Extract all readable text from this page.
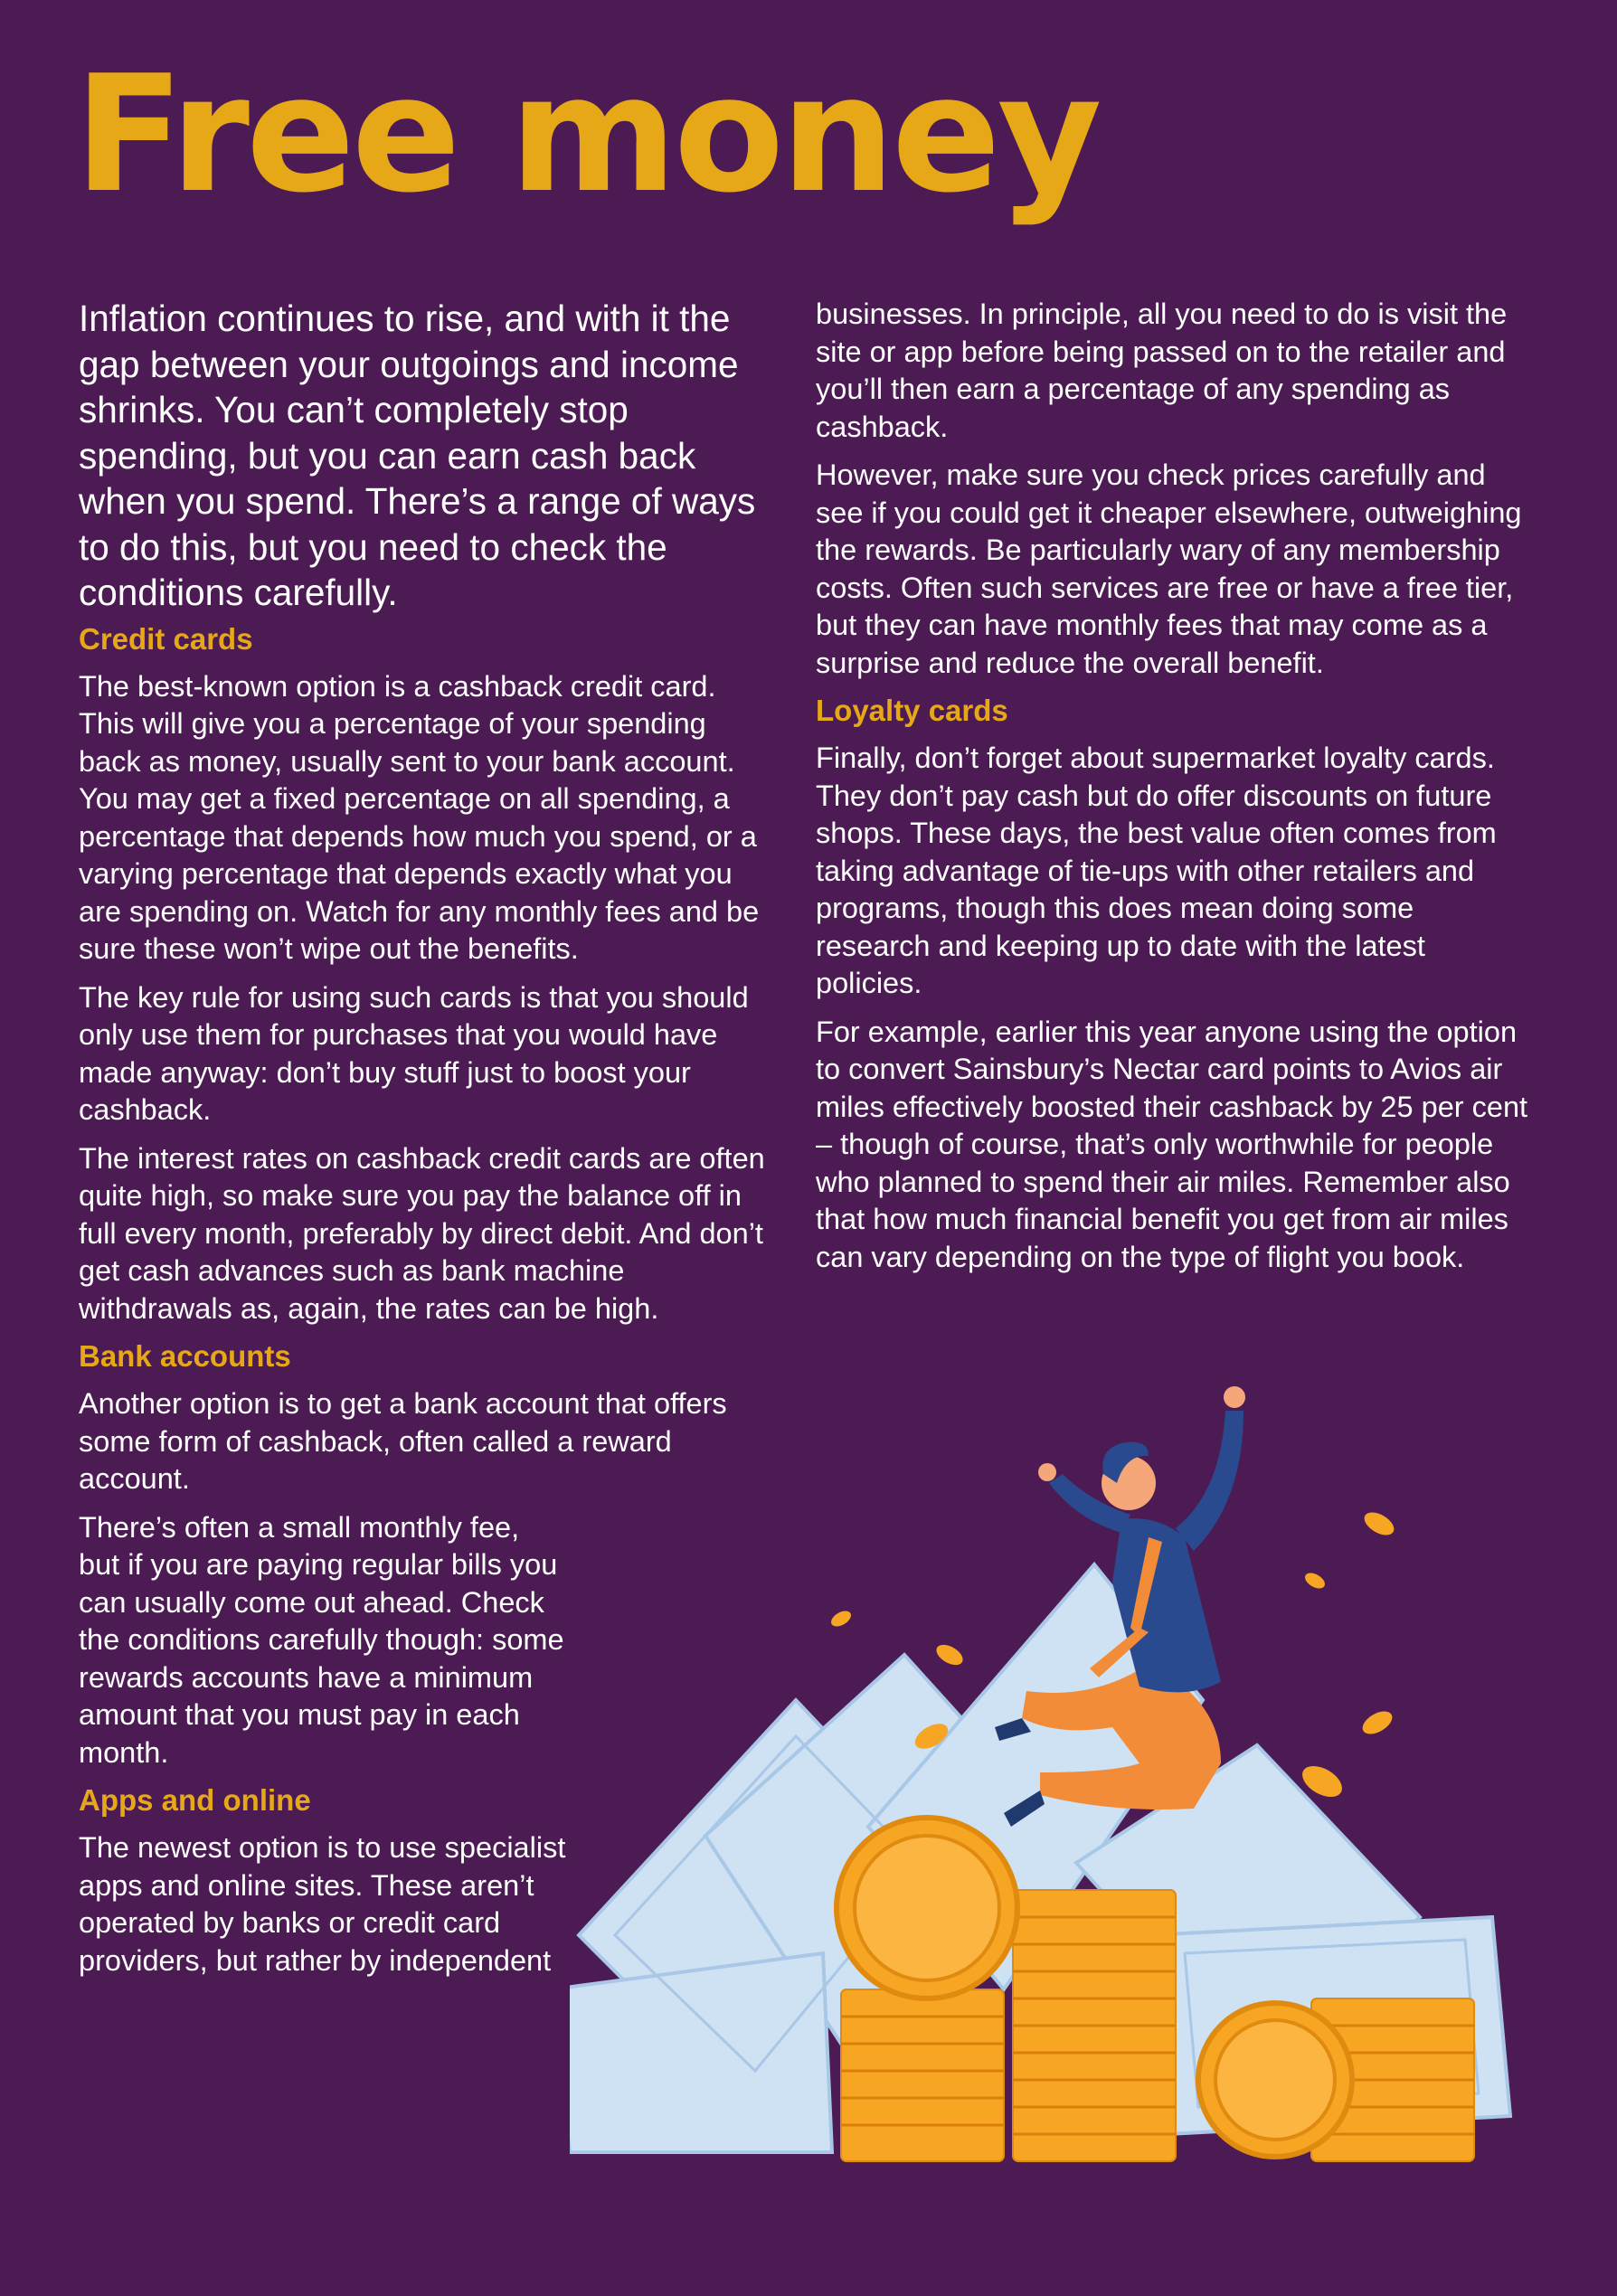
Free money

Inflation continues to rise, and with it the gap between your outgoings and income shrinks. You can’t completely stop spending, but you can earn cash back when you spend. There’s a range of ways to do this, but you need to check the conditions carefully.

Credit cards

The best-known option is a cashback credit card. This will give you a percentage of your spending back as money, usually sent to your bank account. You may get a fixed percentage on all spending, a percentage that depends how much you spend, or a varying percentage that depends exactly what you are spending on. Watch for any monthly fees and be sure these won’t wipe out the benefits.

The key rule for using such cards is that you should only use them for purchases that you would have made anyway: don’t buy stuff just to boost your cashback.

The interest rates on cashback credit cards are often quite high, so make sure you pay the balance off in full every month, preferably by direct debit. And don’t get cash advances such as bank machine withdrawals as, again, the rates can be high.

Bank accounts

Another option is to get a bank account that offers some form of cashback, often called a reward account.

There’s often a small monthly fee, but if you are paying regular bills you can usually come out ahead. Check the conditions carefully though: some rewards accounts have a minimum amount that you must pay in each month.

Apps and online

The newest option is to use specialist apps and online sites. These aren’t operated by banks or credit card providers, but rather by independent

businesses. In principle, all you need to do is visit the site or app before being passed on to the retailer and you’ll then earn a percentage of any spending as cashback.

However, make sure you check prices carefully and see if you could get it cheaper elsewhere, outweighing the rewards. Be particularly wary of any membership costs. Often such services are free or have a free tier, but they can have monthly fees that may come as a surprise and reduce the overall benefit.

Loyalty cards

Finally, don’t forget about supermarket loyalty cards. They don’t pay cash but do offer discounts on future shops. These days, the best value often comes from taking advantage of tie-ups with other retailers and programs, though this does mean doing some research and keeping up to date with the latest policies.

For example, earlier this year anyone using the option to convert Sainsbury’s Nectar card points to Avios air miles effectively boosted their cashback by 25 per cent – though of course, that’s only worthwhile for people who planned to spend their air miles. Remember also that how much financial benefit you get from air miles can vary depending on the type of flight you book.
